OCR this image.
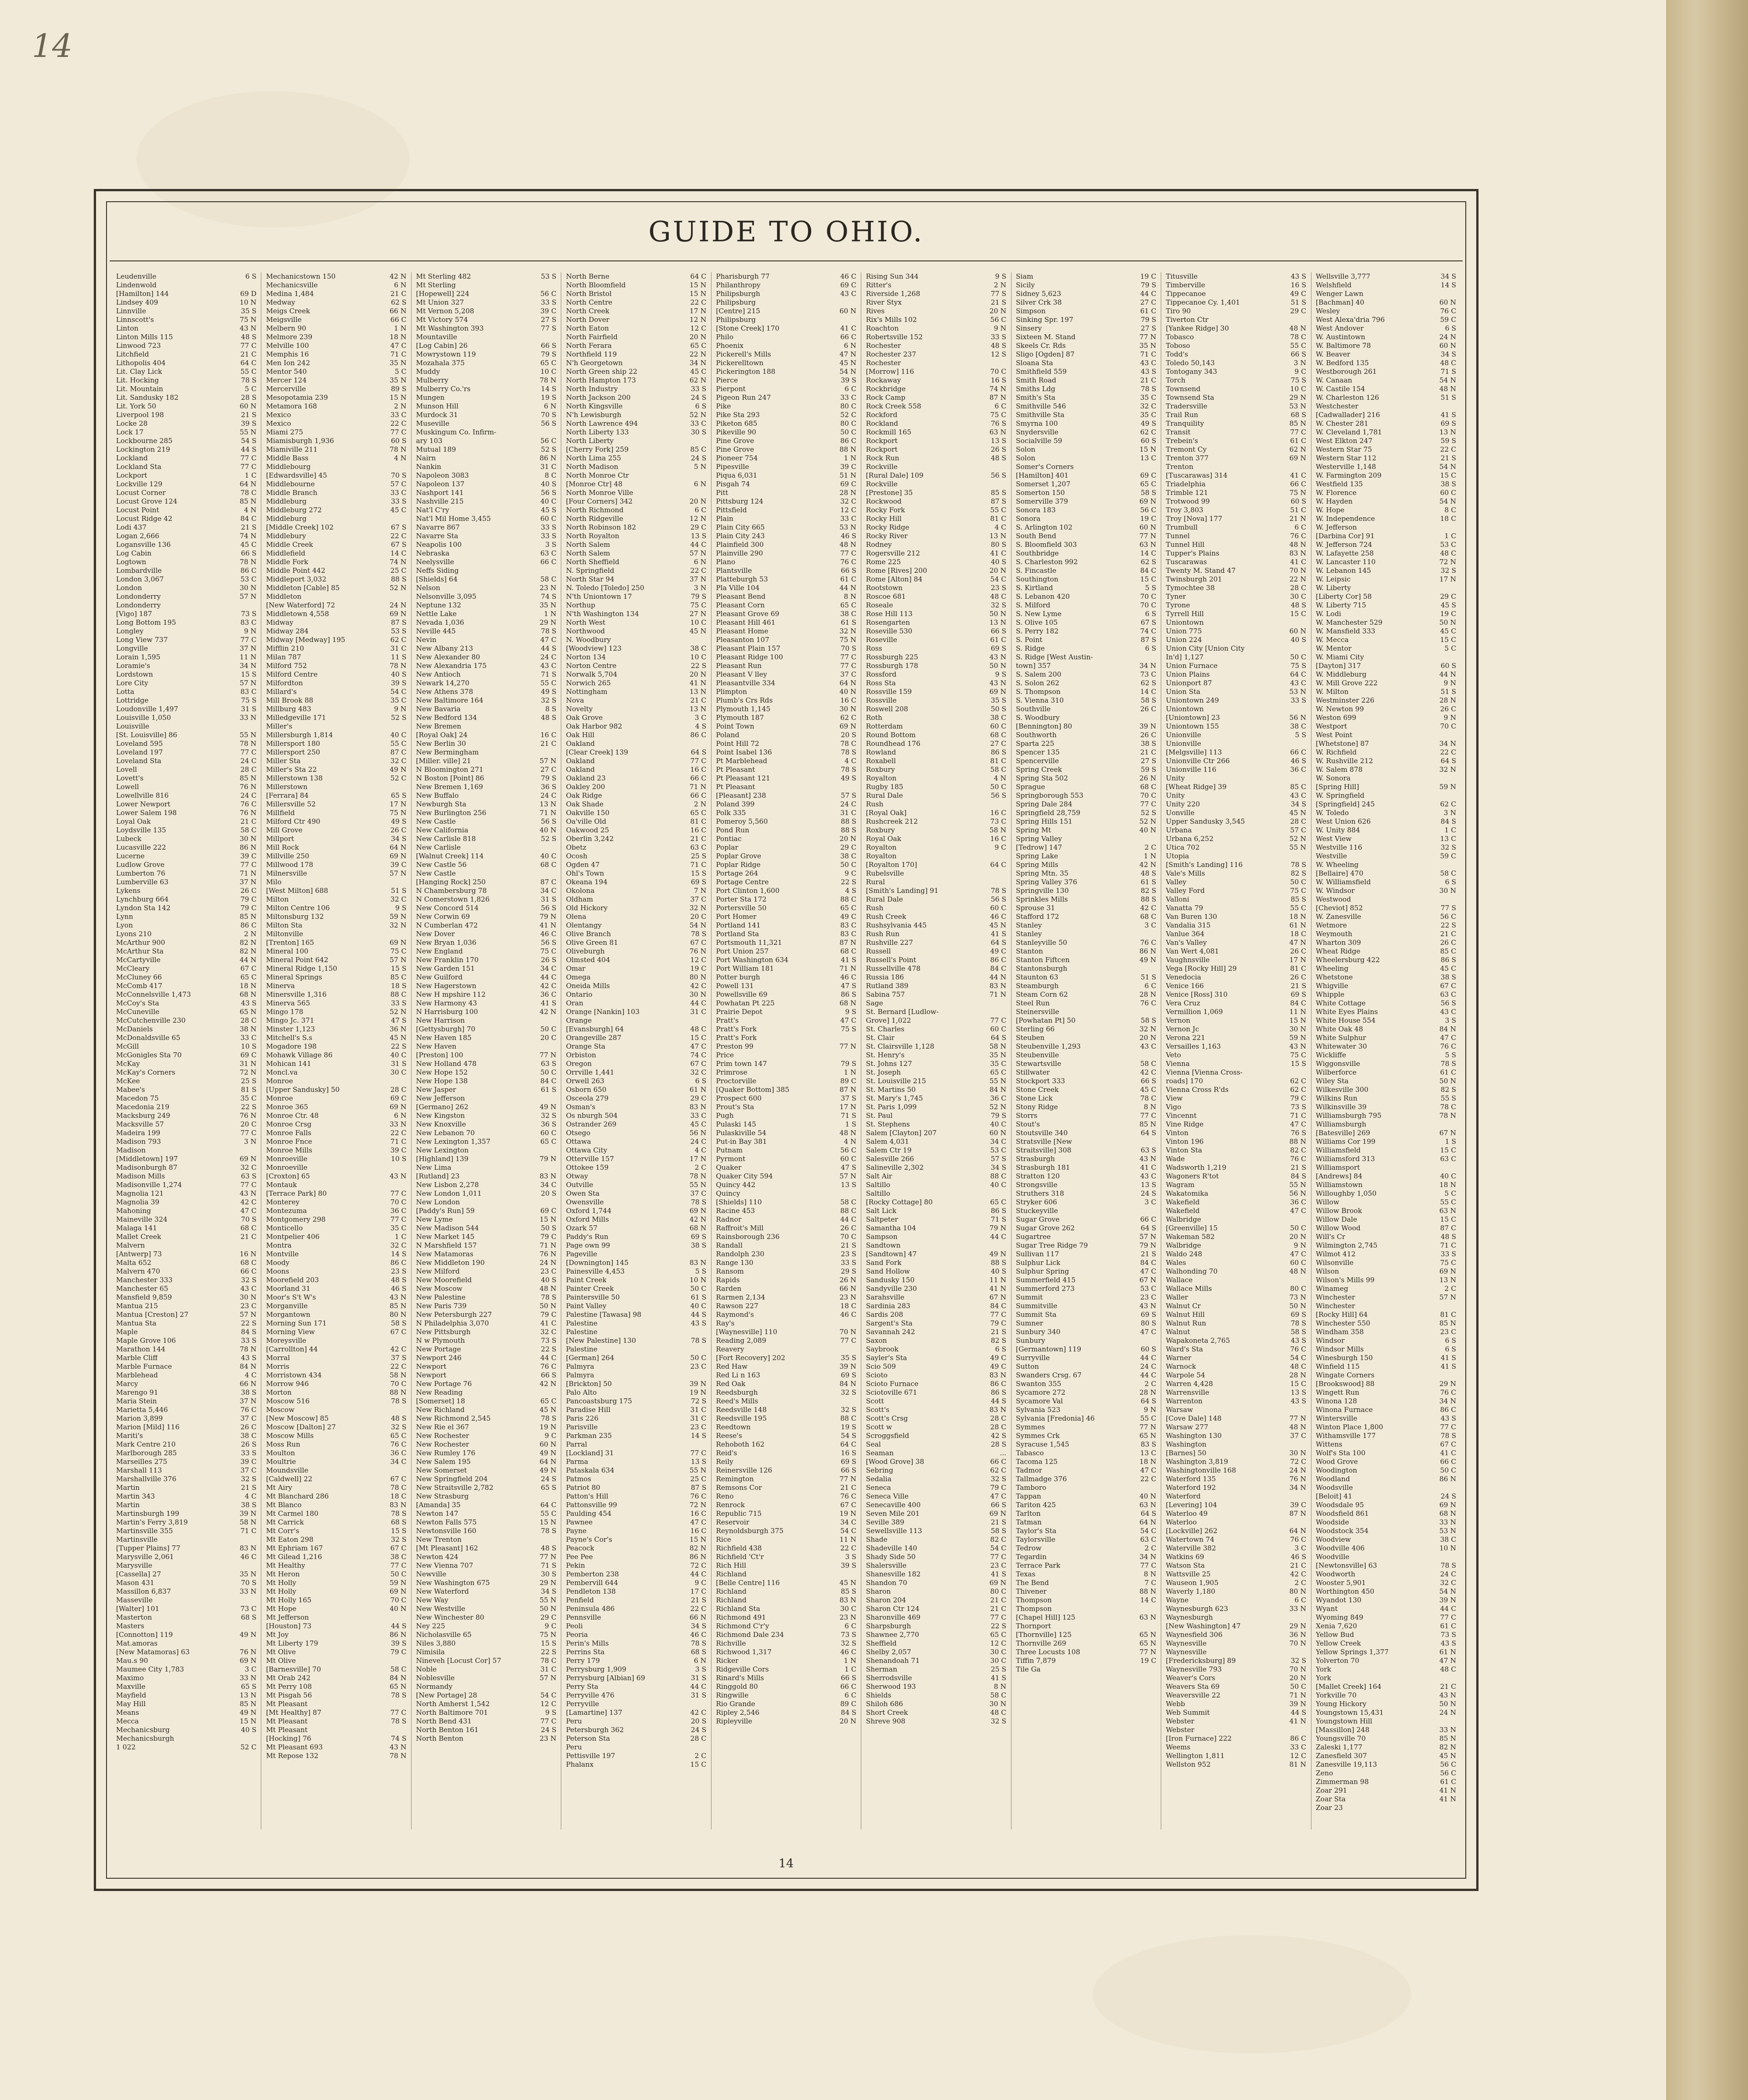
14
GUIDE TO OHIO.
Leudenville	6 S
Lindenwold
[Hamilton] 144	69 D
Lindsey 409	10 N
Linnville	35 S
Linnscott's	75 N
Linton	43 N
Linton Mills 115	48 S
Linwood 723	77 C
Litchfield	21 C
Lithopolis 404	64 C
Lit. Clay Lick	55 C
Lit. Hocking	78 S
Lit. Mountain	5 C
Lit. Sandusky 182	28 S
Lit. York 50	60 N
Liverpool 198	21 S
Locke 28	39 S
Lock 17	55 N
Lockbourne 285	54 S
Lockington 219	44 S
Lockland	77 C
Lockland Sta	77 C
Lockport	1 C
Lockville 129	64 N
Locust Corner	78 C
Locust Grove 124	85 N
Locust Point	4 N
Locust Ridge 42	84 C
Lodi 437	21 S
Logan 2,666	74 N
Logansville 136	45 C
Log Cabin	66 S
Logtown	78 N
Lombardville	86 C
London 3,067	53 C
London	30 N
Londonderry	57 N
Londonderry
[Vigo] 187	73 S
Long Bottom 195	83 C
Longley	9 N
Long View 737	77 C
Longville	37 N
Lorain 1,595	11 N
Loramie's	34 N
Lordstown	15 S
Lore City	57 N
Lotta	83 C
Lottridge	75 S
Loudonville 1,497	31 S
Louisville 1,050	33 N
Louisville
[St. Louisville] 86	55 N
Loveland 595	78 N
Loveland 197	77 C
Loveland Sta	24 C
Lovell	28 C
Lovett's	85 N
Lowell	76 N
Lowellville 816	24 C
Lower Newport	76 C
Lower Salem 198	76 N
Loyal Oak	21 C
Loydsville 135	58 C
Lubeck	30 N
Lucasville 222	86 N
Lucerne	39 C
Ludlow Grove	77 C
Lumberton 76	71 N
Lumberville 63	37 N
Lykens	26 C
Lynchburg 664	79 C
Lyndon Sta 142	79 C
Lynn	85 N
Lyon	86 C
Lyons 210	2 N
McArthur 900	82 N
McArthur Sta	82 N
McCartyville	44 N
McCleary	67 C
McCluney 66	65 C
McComb 417	18 N
McConnelsville 1,473	68 N
McCoy's Sta	43 S
McCuneville	65 N
McCutchenville 230	28 C
McDaniels	38 N
McDonaldsville 65	33 C
McGill	10 S
McGonigles Sta 70	69 C
McKay	31 N
McKay's Corners	72 N
McKee	25 S
Mabee's	81 S
Macedon 75	35 C
Macedonia 219	22 S
Macksburg 249	76 N
Macksville 57	20 C
Madeira 199	77 C
Madison 793	3 N
Madison
[Middletown] 197	69 N
Madisonburgh 87	32 C
Madison Mills	63 S
Madisonville 1,274	77 C
Magnolia 121	43 N
Magnolia 39	42 C
Mahoning	47 C
Maineville 324	70 S
Malaga 141	68 C
Mallet Creek	21 C
Malvern
[Antwerp] 73	16 N
Malta 652	68 C
Malvern 470	66 C
Manchester 333	32 S
Manchester 65	43 C
Mansfield 9,859	30 N
Mantua 215	23 C
Mantua [Creston] 27	57 N
Mantua Sta	22 S
Maple	84 S
Maple Grove 106	33 S
Marathon 144	78 N
Marble Cliff	43 S
Marble Furnace	84 N
Marblehead	4 C
Marcy	66 N
Marengo 91	38 S
Maria Stein	37 N
Marietta 5,446	76 C
Marion 3,899	37 C
Marion [Mild] 116	26 C
Mariti's	38 C
Mark Centre 210	26 S
Marlborough 285	33 S
Marseilles 275	39 C
Marshall 113	37 C
Marshallville 376	32 S
Martin	21 S
Martin 343	4 C
Martin	38 S
Martinsburgh 199	39 N
Martin's Ferry 3,819	58 N
Martinsville 355	71 C
Martinsville
[Tupper Plains] 77	83 N
Marysville 2,061	46 C
Marysville
[Cassella] 27	35 N
Mason 431	70 S
Massillon 6,837	33 N
Masseville
[Walter] 101	73 C
Masterton	68 S
Masters
[Connotton] 119	49 N
Mat.amoras
[New Matamoras] 63	76 N
Mau.s 90	69 N
Maumee City 1,783	3 C
Maximo	33 N
Maxville	65 S
Mayfield	13 N
May Hill	85 N
Means	49 N
Mecca	15 N
Mechanicsburg	40 S
Mechanicsburgh
1 022	52 C
Mechanicstown 150	42 N
Mechanicsville	6 N
Medina 1,484	21 C
Medway	62 S
Meigs Creek	66 N
Meigsville	66 C
Melbern 90	1 N
Melmore 239	18 N
Melville 100	47 C
Memphis 16	71 C
Men Ion 242	35 N
Mentor 540	5 C
Mercer 124	35 N
Mercerville	89 S
Mesopotamia 239	15 N
Metamora 168	2 N
Mexico	33 C
Mexico	22 C
Miami 275	77 C
Miamisburgh 1,936	60 S
Miamiville 211	78 N
Middle Bass	4 N
Middlebourg
[Edwardsville] 45	70 S
Middlebourne	57 C
Middle Branch	33 C
Middleburg	33 S
Middleburg 272	45 C
Middleburg
[Middle Creek] 102	67 S
Middlebury	22 C
Middle Creek	67 S
Middlefield	14 C
Middle Fork	74 N
Middle Point 442	25 C
Middleport 3,032	88 S
Middleton [Cable] 85	52 N
Middleton
[New Waterford] 72	24 N
Middletown 4,558	69 N
Midway	87 S
Midway 284	53 S
Midway [Medway] 195	62 C
Mifflin 210	31 C
Milan 787	11 S
Milford 752	78 N
Milford Centre	40 S
Milfordton	39 S
Millard's	54 C
Mill Brook 88	35 C
Millburg 483	9 N
Milledgeville 171	52 S
Miller's
Millersburgh 1,814	40 C
Millersport 180	55 C
Millersport 250	87 C
Miller Sta	32 C
Miller's Sta 22	49 N
Millerstown 138	52 C
Millerstown
[Ferrara] 84	65 S
Millersville 52	17 N
Millfield	75 N
Milford Ctr 490	49 S
Mill Grove	26 C
Millport	34 S
Mill Rock	64 N
Millville 250	69 N
Millwood 178	39 C
Milnersville	57 N
Milo
[West Milton] 688	51 S
Milton	32 C
Milton Centre 106	9 S
Miltonsburg 132	59 N
Milton Sta	32 N
Miltonville
[Trenton] 165	69 N
Mineral 100	75 C
Mineral Point 642	57 N
Mineral Ridge 1,150	15 S
Mineral Springs	85 C
Minerva	18 S
Minersville 1,316	88 C
Minerva 565	33 S
Mingo 178	52 N
Mingo Jc. 371	47 S
Minster 1,123	36 N
Mitchell's S.s	45 N
Mogadore 198	22 S
Mohawk Village 86	40 C
Mohican 141	31 S
Moncl.va	30 C
Monroe
[Upper Sandusky] 50	28 C
Monroe	69 C
Monroe 365	69 N
Monroe Ctr. 48	6 N
Monroe Crsg	33 N
Monroe Falls	22 C
Monroe Fnce	71 C
Monroe Mills	39 C
Monroeville	10 S
Monroeville
[Croxton] 65	43 N
Montauk
[Terrace Park] 80	77 C
Monterey	70 C
Montezuma	36 C
Montgomery 298	77 C
Monticello	35 C
Montpelier 406	1 C
Montra	32 C
Montville	14 S
Moody	86 C
Moons	23 S
Moorefield 203	48 S
Moorland 31	46 S
Moor's S't W's	43 N
Morganville	85 N
Morgantown	80 N
Morning Sun 171	58 S
Morning View	67 C
Moreysville
[Carrollton] 44	42 C
Morral	37 S
Morris	22 C
Morristown 434	58 N
Morrow 946	70 C
Morton	88 N
Moscow 516	78 S
Moscow
[New Moscow] 85	48 S
Moscow [Dalton] 27	32 S
Moscow Mills	65 C
Moss Run	76 C
Moulton	36 C
Moultrie	34 C
Moundsville
[Caldwell] 22	67 C
Mt Airy	78 C
Mt Blanchard 286	18 C
Mt Blanco	83 N
Mt Carmel 180	78 S
Mt Carrick	68 S
Mt Corr's	15 S
Mt Eaton 298	32 S
Mt Ephriam 167	67 C
Mt Gilead 1,216	38 C
Mt Healthy	77 C
Mt Heron	50 C
Mt Holly	59 N
Mt Holly	69 N
Mt Holly 165	70 C
Mt Hope	40 N
Mt Jefferson
[Houston] 73	44 S
Mt Joy	86 N
Mt Liberty 179	39 S
Mt Olive	79 C
Mt Olive
[Barnesville] 70	58 C
Mt Orab 242	84 N
Mt Perry 108	65 N
Mt Pisgah 56	78 S
Mt Pleasant
[Mt Healthy] 87	77 C
Mt Pleasant	78 S
Mt Pleasant
[Hocking] 76	74 S
Mt Pleasant 693	43 N
Mt Repose 132	78 N
Mt Sterling 482	53 S
Mt Sterling
[Hopewell] 224	56 C
Mt Union 327	33 S
Mt Vernon 5,208	39 C
Mt Victory 574	27 S
Mt Washington 393	77 S
Mountaville
[Log Cabin] 26	66 S
Mowrystown 119	79 S
Mozahala 375	65 C
Muddy	10 C
Mulberry	78 N
Mulberry Co.'rs	14 S
Mungen	19 S
Munson Hill	6 N
Murdock 31	70 S
Museville	56 S
Muskingum Co. Infirm-
ary 103	56 C
Mutual 189	52 S
Nairn	86 N
Nankin	31 C
Napoleon 3083	8 C
Napoleon 137	40 S
Nashport 141	56 S
Nashville 215	40 C
Nat'l C'ry	45 S
Nat'l Mil Home 3,455	60 C
Navarre 867	33 S
Navarre Sta	33 S
Neapolis 100	3 S
Nebraska	63 C
Neelysville	66 C
Neffs Siding
[Shields] 64	58 C
Nelson	23 N
Nelsonville 3,095	74 S
Neptune 132	35 N
Nettle Lake	1 N
Nevada 1,036	29 N
Neville 445	78 S
Nevin	47 C
New Albany 213	44 S
New Alexander 80	24 C
New Alexandria 175	43 C
New Antioch	71 S
Newark 14,270	55 C
New Athens 378	49 S
New Baltimore 164	32 S
New Bavaria	8 S
New Bedford 134	48 S
New Bremen
[Royal Oak] 24	16 C
New Berlin 30	21 C
New Bermingham
[Miller. ville] 21	57 N
N Bloomington 271	27 C
N Boston [Point] 86	79 S
New Bremen 1,169	36 S
New Buffalo	24 C
Newburgh Sta	13 N
New Burlington 256	71 N
New Castle	56 S
New California	40 N
New Carlisle 818	52 S
New Carlisle
[Walnut Creek] 114	40 C
New Castle 56	68 C
New Castle
[Hanging Rock] 250	87 C
N Chambersburg 78	34 C
N Comerstown 1,826	31 S
New Concord 514	56 S
New Corwin 69	79 N
N Cumberlan 472	41 N
New Dover	46 C
New Bryan 1,036	56 S
New England	75 C
New Franklin 170	26 S
New Garden 151	34 C
New Guilford	44 C
New Hagerstown	42 C
New H mpshire 112	36 C
New Harmony 43	41 S
N Harrisburg 100	42 N
New Harrison
[Gettysburgh] 70	50 C
New Haven 185	20 C
New Haven
[Preston] 100	77 N
New Holland 478	63 S
New Hope 152	50 C
New Hope 138	84 C
New Jasper	61 S
New Jefferson
[Germano] 262	49 N
New Kingston	32 S
New Knoxville	36 S
New Lebanon 70	60 C
New Lexington 1,357	65 C
New Lexington
[Highland] 139	79 N
New Lima
[Rutland] 23	83 N
New Lisbon 2,278	34 C
New London 1,011	20 S
New London
[Paddy's Run] 59	69 C
New Lyme	15 N
New Madison 544	50 S
New Market 145	79 C
N Marshfield 157	71 N
New Matamoras	76 N
New Middleton 190	24 N
New Milford	23 C
New Moorefield	40 S
New Moscow	48 N
New Palestine	78 S
New Paris 739	50 N
New Petersburgh 227	79 C
N Philadelphia 3,070	41 C
New Pittsburgh	32 C
N w Plymouth	73 S
New Portage	22 S
Newport 246	44 C
Newport	76 C
Newport	66 S
New Portage 76	42 N
New Reading
[Somerset] 18	65 C
New Richland	45 N
New Richmond 2,545	78 S
New Rie el 367	19 N
New Rochester	9 C
New Rochester	60 N
New Rumley 176	49 N
New Salem 195	64 N
New Somerset	49 N
New Springfield 204	24 S
New Straitsville 2,782	65 S
New Strasburg
[Amanda] 35	64 C
Newton 147	55 C
Newton Falls 575	15 N
Newtonsville 160	78 S
New Trenton
[Mt Pleasant] 162	48 S
Newton 424	77 N
New Vienna 707	71 S
Newville	30 S
New Washington 675	29 N
New Waterford	34 S
New Way	55 N
New Westville	50 N
New Winchester 80	29 C
Ney 225	9 C
Nicholasville 65	75 N
Niles 3,880	15 S
Nimisila	22 S
Nineveh [Locust Cor] 57	78 C
Noble	31 C
Noblesville	57 N
Normandy
[New Portage] 28	54 C
North Amherst 1,542	12 C
North Baltimore 701	9 S
North Bend 431	77 C
North Benton 161	24 S
North Benton	23 N
North Berne	64 C
North Bloomfield	15 N
North Bristol	15 N
North Centre	22 C
North Creek	17 N
North Dover	12 N
North Eaton	12 C
North Fairfield	20 N
North Ferara	65 C
Northfield 119	22 N
N'h Georgetown	34 N
North Green ship 22	45 C
North Hampton 173	62 N
North Industry	33 S
North Jackson 200	24 S
North Kingsville	6 S
N'h Lewisburgh	52 N
North Lawrence 494	33 C
North Liberty 133	30 S
North Liberty
[Cherry Fork] 259	85 C
North Lima 255	24 S
North Madison	5 N
North Monroe Ctr
[Monroe Ctr] 48	6 N
North Monroe Ville
[Four Corners] 342	20 N
North Richmond	6 C
North Ridgeville	12 N
North Robinson 182	29 C
North Royalton	13 S
North Salem	44 C
North Salem	57 N
North Sheffield	6 N
N. Springfield	22 C
North Star 94	37 N
N. Toledo [Toledo] 250	3 N
N'th Uniontown 17	79 S
Northup	75 C
N'th Washington 134	27 N
North West	10 C
Northwood	45 N
N. Woodbury
[Woodview] 123	38 C
Norton 134	10 C
Norton Centre	22 S
Norwalk 5,704	20 N
Norwich 265	41 N
Nottingham	13 N
Nova	21 C
Novelty	13 N
Oak Grove	3 C
Oak Harbor 982	4 S
Oak Hill	86 C
Oakland
[Clear Creek] 139	64 S
Oakland	77 C
Oakland	16 C
Oakland 23	66 C
Oakley 200	71 N
Oak Ridge	66 C
Oak Shade	2 N
Oakville 150	65 C
Oa'ville Old	81 C
Oakwood 25	16 C
Oberlin 3,242	21 C
Obetz	63 C
Ocosh	25 S
Ogden 47	71 C
Ohl's Town	15 S
Okeana 194	69 S
Okolona	7 N
Oldham	37 C
Old Hickory	32 N
Olena	20 C
Olentangy	54 N
Olive Branch	78 S
Olive Green 81	67 C
Oliveburgh	76 N
Olmsted 404	12 C
Omar	19 C
Omega	80 N
Oneida Mills	42 C
Ontario	30 N
Oran	44 C
Orange [Nankin] 103	31 C
Orange
[Evansburgh] 64	48 C
Orangeville 287	15 C
Orange Sta	47 C
Orbiston	74 C
Oregon	67 C
Orrville 1,441	32 C
Orwell 263	6 S
Osborn 650	61 N
Osceola 279	29 C
Osman's	83 N
Os nburgh 504	33 C
Ostrander 269	45 C
Otsego	56 N
Ottawa	24 C
Ottawa City	4 C
Otterville 157	17 N
Ottokee 159	2 C
Otway	78 N
Outville	55 N
Owen Sta	37 C
Owensville	78 S
Oxford 1,744	69 N
Oxford Mills	42 N
Ozark 57	68 N
Paddy's Run	69 S
Page own 99	38 S
Pageville
[Downington] 145	83 N
Painesville 4,453	5 S
Paint Creek	10 N
Painter Creek	50 C
Paintersville 50	61 S
Paint Valley	40 C
Palestine [Tawasa] 98	44 S
Palestine	43 S
Palestine
[New Palestine] 130	78 S
Palestine
[German] 264	50 C
Palmyra	23 C
Palmyra
[Brickton] 50	39 N
Palo Alto	19 N
Pancoastsburg 175	72 S
Paradise Hill	31 C
Paris 226	31 C
Parisville	23 C
Parkman 235	14 S
Parral
[Lockland] 31	77 C
Parma	13 S
Pataskala 634	55 N
Patmos	25 C
Patriot 80	87 S
Patton's Hill	76 C
Pattonsville 99	72 N
Paulding 454	16 C
Pawnee	47 C
Payne	16 C
Payne's Cor's	15 N
Peacock	82 N
Pee Pee	86 N
Pekin	72 C
Pemberton 238	44 C
Pembervill 644	9 C
Pendleton 138	17 C
Penfield	21 S
Peninsula 486	22 C
Pennsville	66 N
Peoli	34 S
Peoria	46 C
Perin's Mills	78 S
Perrins Sta	68 S
Perry 179	6 N
Perrysburg 1,909	3 S
Perrysburg [Albian] 69	31 S
Perry Sta	44 C
Perryville 476	31 S
Perryville
[Lamartine] 137	42 C
Peru	20 S
Petersburgh 362	24 S
Peterson Sta	28 C
Peru
Pettisville 197	2 C
Phalanx	15 C
Pharisburgh 77	46 C
Philanthropy	69 C
Philipsburgh	43 C
Philipsburg
[Centre] 215	60 N
Philipsburg
[Stone Creek] 170	41 C
Philo	66 C
Phoenix	6 N
Pickerell's Mills	47 N
Pickerelltown	45 N
Pickerington 188	54 N
Pierce	39 S
Pierpont	6 C
Pigeon Run 247	33 C
Pike	80 C
Pike Sta 293	52 C
Piketon 685	80 C
Pikeville 90	50 C
Pine Grove	86 C
Pine Grove	88 N
Pioneer 754	1 N
Pipesville	39 C
Piqua 6,031	51 N
Pisgah 74	69 C
Pitt	28 N
Pittsburg 124	32 C
Pittsfield	12 C
Plain	33 C
Plain City 665	53 N
Plain City 243	46 S
Plainfield 300	48 N
Plainville 290	77 C
Plano	76 C
Plantsville	66 S
Platteburgh 53	61 C
Pla Ville 104	44 N
Pleasant Bend	8 N
Pleasant Corn	65 C
Pleasant Grove 69	38 C
Pleasant Hill 461	61 S
Pleasant Home	32 N
Pleasanton 107	75 N
Pleasant Plain 157	70 S
Pleasant Ridge 100	77 C
Pleasant Run	77 C
Pleasant V lley	37 C
Pleasantville 334	64 N
Plimpton	40 N
Plumb's Crs Rds	16 C
Plymouth 1,145	30 N
Plymouth 187	62 C
Point Town	69 N
Poland	20 S
Point Hill 72	78 C
Point Isabel 136	78 S
Pt Marblehead	4 C
Pt Pleasant	78 S
Pt Pleasant 121	49 S
Pt Pleasant
[Pleasant] 238	57 S
Poland 399	24 C
Polk 335	31 C
Pomeroy 5,560	88 S
Pond Run	88 S
Pontiac	20 N
Poplar	29 C
Poplar Grove	38 C
Poplar Ridge	50 C
Portage 264	9 C
Portage Centre	22 S
Port Clinton 1,600	4 S
Porter Sta 172	88 C
Portersville 50	65 C
Port Homer	49 C
Portland 141	83 C
Portland Sta	83 C
Portsmouth 11,321	87 N
Port Union 257	68 C
Port Washington 634	41 S
Port William 181	71 N
Potter burgh	46 C
Powell 131	47 S
Powellsville 69	86 S
Powhatan Pt 225	68 N
Prairie Depot	9 S
Pratt's	47 C
Pratt's Fork	75 S
Pratt's Fork
Preston 99	77 N
Price
Prim town 147	79 S
Primrose	1 N
Proctorville	89 C
[Quaker Bottom] 385	87 N
Prospect 600	37 S
Prout's Sta	17 N
Pugh	71 S
Pulaski 145	1 S
Pulaskiville 54	48 N
Put-in Bay 381	4 N
Putnam	56 C
Pyrmont	60 C
Quaker	47 S
Quaker City 594	57 N
Quincy 442	13 S
Quincy
[Shields] 110	58 C
Racine 453	88 C
Radnor	44 C
Raffroit's Mill	26 C
Rainsborough 236	70 C
Randall	21 S
Randolph 230	23 S
Range 130	33 S
Ransom	29 S
Rapids	26 N
Rarden	66 N
Rarmen 2,134	23 N
Rawson 227	18 C
Raymond's	46 C
Ray's
[Waynesville] 110	70 N
Reading 2,089	77 C
Reavery
[Fort Recovery] 202	35 S
Red Haw	39 N
Red Li n 163	69 S
Red Oak	84 N
Reedsburgh	32 S
Reed's Mills
Reedsville 148	32 S
Reedsville 195	88 C
Reedtown	19 S
Reese's	54 S
Rehoboth 162	64 C
Reid's	16 S
Reily	69 S
Reinersville 126	66 S
Remington	77 N
Remsons Cor	21 C
Reno	76 C
Renrock	67 C
Republic 715	19 N
Reservoir	34 C
Reynoldsburgh 375	54 C
Rice	11 N
Richfield 438	22 C
Richfield 'Ct'r	3 S
Rich Hill	39 S
Richland
[Belle Centre] 116	45 N
Richland	85 S
Richland	83 N
Richland Sta	30 C
Richmond 491	23 N
Richmond C'r'y	6 C
Richmond Dale 234	73 S
Richville	32 S
Richwood 1,317	46 C
Ricker	1 N
Ridgeville Cors	1 C
Rinard's Mills	66 S
Ringgold 80	66 C
Ringwille	6 C
Rio Grande	89 C
Ripley 2,546	84 S
Ripleyville	20 N
Rising Sun 344	9 S
Ritter's	2 N
Riverside 1,268	77 S
River Styx	21 S
Rives	20 N
Rix's Mills 102	56 C
Roachton	9 N
Robertsville 152	33 S
Rochester	48 S
Rochester 237	12 S
Rochester
[Morrow] 116	70 C
Rockaway	16 S
Rockbridge	74 N
Rock Camp	87 N
Rock Creek 558	6 C
Rockford	75 C
Rockland	76 S
Rockmill 165	63 N
Rockport	13 S
Rockport	26 S
Rock Run	48 S
Rockville
[Rural Dale] 109	56 S
Rockville
[Prestone] 35	85 S
Rockwood	87 S
Rocky Fork	55 C
Rocky Hill	81 C
Rocky Ridge	4 C
Rocky River	13 N
Rodney	80 S
Rogersville 212	41 C
Rome 225	40 S
Rome [Rives] 200	20 N
Rome [Alton] 84	54 C
Rootstown	23 S
Roscoe 681	48 C
Roseale	32 S
Rose Hill 113	50 N
Rosengarten	13 N
Roseville 530	66 S
Roseville	61 C
Ross	69 S
Rossburgh 225	43 N
Rossburgh 178	50 N
Rossford	9 S
Ross Sta	43 N
Rossville 159	69 N
Rossville	35 S
Roswell 208	50 S
Roth	38 C
Rotterdam	60 C
Round Bottom	68 C
Roundhead 176	27 C
Rowland	86 S
Roxabell	81 C
Roxbury	58 C
Royalton	4 N
Rugby 185	50 C
Rural Dale	56 S
Rush
[Royal Oak]	16 C
Rushcreek 212	73 C
Roxbury	58 N
Royal Oak	16 C
Royalton	9 C
Royalton
[Royalton 170]	64 C
Rubelsville
Rural
[Smith's Landing] 91	78 S
Rural Dale	56 S
Rush	60 C
Rush Creek	46 C
Rushsylvania 445	45 N
Rush Run	41 S
Rushville 227	64 S
Russell	49 C
Russell's Point	86 C
Russellville 478	84 C
Russia 186	44 N
Rutland 389	83 N
Sabina 757	71 N
Sage
St. Bernard [Ludlow-
Grove] 1,022	77 C
St. Charles	60 C
St. Clair	64 S
St. Clairsville 1,128	58 N
St. Henry's	35 N
St. Johns 127	35 C
St. Joseph	65 C
St. Louisville 215	55 N
St. Martins 50	84 N
St. Mary's 1,745	36 C
St. Paris 1,099	52 N
St. Paul	79 S
St. Stephens	40 C
Salem [Clayton] 207	60 N
Salem 4,031	34 C
Salem Ctr 19	53 C
Salesville 266	57 S
Salineville 2,302	34 S
Salt Air	88 C
Saltillo	40 C
Saltillo
[Rocky Cottage] 80	65 C
Salt Lick	86 S
Saltpeter	71 S
Samantha 104	79 N
Sampson	44 C
Sandtown
[Sandtown] 47	49 N
Sand Fork	88 S
Sand Hollow	40 S
Sandusky 150	11 N
Sandyville 230	41 N
Sarahsville	67 N
Sardinia 283	84 C
Sardis 208	77 C
Sargent's Sta	79 C
Savannah 242	21 S
Saxon	82 S
Saybrook	6 S
Sayler's Sta	49 C
Scio 509	49 C
Scioto	83 N
Scioto Furnace	86 C
Sciotoville 671	86 S
Scott	44 S
Scott's	83 N
Scott's Crsg	28 C
Scott w	28 C
Scroggsfield	42 S
Seal	28 S
Seaman	...
[Wood Grove] 38	66 C
Sebring	62 C
Sedalia	32 S
Seneca	79 C
Seneca Ville	47 C
Senecaville 400	66 S
Seven Mile 201	69 N
Seville 389	21 S
Sewellsville 113	58 S
Shade	82 C
Shadeville 140	54 C
Shady Side 50	77 C
Shalersville	23 C
Shanesville 182	41 S
Shandon 70	69 N
Sharon	80 C
Sharon 204	21 C
Sharon Ctr 124	21 C
Sharonville 469	77 C
Sharpsburgh	22 S
Shawnee 2,770	65 C
Sheffield	12 C
Shelby 2,057	30 C
Shenandoah 71	30 C
Sherman	25 S
Sherrodsville	41 S
Sherwood 193	8 N
Shields	58 C
Shiloh 686	30 N
Short Creek	48 C
Shreve 908	32 S
Siam	19 C
Sicily	79 S
Sidney 5,623	44 C
Silver Crk 38	27 C
Simpson	61 C
Sinking Spr. 197	79 S
Sinsery	27 S
Sixteen M. Stand	77 N
Skeels Cr. Rds	35 N
Sligo [Ogden] 87	71 C
Sloana Sta	43 C
Smithfield 559	43 S
Smith Road	21 C
Smiths Ldg	78 S
Smith's Sta	35 C
Smithville 546	32 C
Smithville Sta	35 C
Smyrna 100	49 S
Snydersville	62 C
Socialville 59	60 S
Solon	15 N
Solon	13 C
Somer's Corners
[Hamilton] 401	69 C
Somerset 1,207	65 C
Somerton 150	58 S
Somerville 379	69 N
Sonora 183	56 C
Sonora	19 C
S. Arlington 102	60 N
South Bend	77 N
S. Bloomfield 303	63 N
Southbridge	14 C
S. Charleston 992	62 S
S. Fincastle	84 C
Southington	15 C
S. Kirtland	5 S
S. Lebanon 420	70 C
S. Milford	70 C
S. New Lyme	6 S
S. Olive 105	67 S
S. Perry 182	74 C
S. Point	87 S
S. Ridge	6 S
S. Ridge [West Austin-
town] 357	34 N
S. Salem 200	73 C
S. Solon 262	62 S
S. Thompson	14 C
S. Vienna 310	58 S
Southville	26 C
S. Woodbury
[Bennington] 80	39 N
Southworth	26 C
Sparta 225	38 S
Spencer 135	21 C
Spencerville	27 S
Spring Creek	59 S
Spring Sta 502	26 N
Sprague	68 C
Springborough 553	70 C
Spring Dale 284	77 C
Springfield 28,759	52 S
Spring Hills 151	52 N
Spring Mt	40 N
Spring Valley
[Tedrow] 147	2 C
Spring Lake	1 N
Spring Mills	42 N
Spring Mtn. 35	48 S
Spring Valley 376	61 S
Springville 130	82 S
Sprinkles Mills	88 S
Sprouse 31	42 C
Stafford 172	68 C
Stanley	3 C
Stanley
Stanleyville 50	76 C
Stanton	86 N
Stanton Fiftcen	49 N
Stantonsburgh
Staunton 63	51 S
Steamburgh	6 C
Steam Corn 62	28 N
Steel Run	76 C
Steinersville
[Powhatan Pt] 50	58 S
Sterling 66	32 N
Steuben	20 N
Steubenville 1,293	43 C
Steubenville
Stewartsville	58 C
Stillwater	42 C
Stockport 333	66 S
Stone Creek	45 C
Stone Lick	78 C
Stony Ridge	8 N
Storrs	77 C
Stout's	85 N
Stoutsville 340	64 S
Stratsville [New
Straitsville] 308	63 S
Strasburgh	43 N
Strasburgh 181	41 C
Stratton 120	43 C
Strongsville	13 S
Struthers 318	24 S
Stryker 606	3 C
Stuckeyville
Sugar Grove	66 C
Sugar Grove 262	64 S
Sugartree	57 N
Sugar Tree Ridge 79	79 N
Sullivan 117	21 S
Sulphur Lick	84 C
Sulphur Spring	47 C
Summerfield 415	67 N
Summerford 273	53 C
Summit	23 C
Summitville	43 N
Summit Sta	69 S
Sumner	80 S
Sunbury 340	47 C
Sunbury
[Germantown] 119	60 S
Surryville	44 C
Sutton	24 C
Swanders Crsg. 67	44 C
Swanton 355	2 C
Sycamore 272	28 N
Sycamore Val	64 S
Sylvania 523	9 N
Sylvania [Fredonia] 46	55 C
Symmes	77 N
Symmes Crk	65 N
Syracuse 1,545	83 S
Tabasco	13 C
Tacoma 125	18 N
Tadmor	47 C
Tallmadge 376	22 C
Tamboro
Tappan	40 N
Tariton 425	63 N
Tarlton	64 S
Tatman	64 N
Taylor's Sta	54 C
Taylorsville	63 C
Tedrow	2 C
Tegardin	34 N
Terrace Park	77 C
Texas	8 N
The Bend	7 C
Thivener	88 N
Thompson	14 C
Thompson
[Chapel Hill] 125	63 N
Thornport
[Thornville] 125	65 N
Thornville 269	65 N
Three Locusts 108	77 N
Tiffin 7,879	19 C
Tile Ga
Titusville	43 S
Timberville	16 S
Tippecanoe	49 C
Tippecanoe Cy. 1,401	51 S
Tiro 90	29 C
Tiverton Ctr
[Yankee Ridge] 30	48 N
Tobasco	78 C
Toboso	55 C
Todd's	66 S
Toledo 50,143	3 N
Tontogany 343	9 C
Torch	75 S
Townsend	10 C
Townsend Sta	29 N
Tradersville	53 N
Trail Run	68 S
Tranquility	85 N
Transit	77 C
Trebein's	61 C
Tremont Cy	62 N
Trenton 377	69 N
Trenton
[Tuscarawas] 314	41 C
Triadelphia	66 C
Trimble 121	75 N
Trotwood 99	60 S
Troy 3,803	51 C
Troy [Nova] 177	21 N
Trumbull	6 C
Tunnel	76 C
Tunnel Hill	48 N
Tupper's Plains	83 N
Tuscarawas	41 C
Twenty M. Stand 47	70 N
Twinsburgh 201	22 N
Tymochtee 38	28 C
Tyner	30 C
Tyrone	48 S
Tyrrell Hill	15 C
Uniontown
Union 775	60 N
Union 224	40 S
Union City [Union City
In'd] 1,127	50 C
Union Furnace	75 S
Union Plains	64 C
Unionport 87	43 C
Union Sta	53 N
Uniontown 249	33 S
Uniontown
[Uniontown] 23	56 N
Uniontown 155	38 C
Unionville	5 S
Unionville
[Melgsville] 113	66 C
Unionville Ctr 266	46 S
Unionville 116	36 C
Unity
[Wheat Ridge] 39	85 C
Unity	43 C
Unity 220	34 S
Uonville	45 N
Upper Sandusky 3,545	28 C
Urbana	57 C
Urbana 6,252	52 N
Utica 702	55 N
Utopia
[Smith's Landing] 116	78 S
Vale's Mills	82 S
Valley	50 C
Valley Ford	75 C
Valloni	85 S
Vanatta 79	55 C
Van Buren 130	18 N
Vandalia 315	61 N
Vanlue 364	18 C
Van's Valley	47 N
Van Wert 4,081	26 C
Vaughnsville	17 N
Vega [Rocky Hill] 29	81 C
Venedocia	26 C
Venice 166	21 S
Venice [Ross] 310	69 S
Vera Cruz	84 C
Vermillion 1,069	11 N
Vernon	15 N
Vernon Jc	30 N
Verona 221	59 N
Versailles 1,163	43 N
Veto	75 C
Vienna	15 S
Vienna [Vienna Cross-
roads] 170	62 C
Vienna Cross R'ds	62 C
View	79 C
Vigo	73 S
Vincennt	71 C
Vine Ridge	47 C
Vinton	76 S
Vinton 196	88 N
Vinton Sta	82 C
Wade	76 C
Wadsworth 1,219	21 S
Wagoners R'tot	84 S
Wagram	55 N
Wakatomika	56 N
Wakefield	36 C
Wakefield	47 C
Walbridge
[Greenville] 15	50 C
Wakeman 582	20 N
Walbridge	9 N
Waldo 248	47 C
Wales	60 C
Walhonding 70	48 N
Wallace
Wallace Mills	80 C
Waller	73 N
Walnut Cr	50 N
Walnut Hill	69 S
Walnut Run	78 S
Walnut	58 S
Wapakoneta 2,765	43 S
Ward's Sta	76 C
Warner	54 C
Warnock	48 C
Warpole 54	28 N
Warren 4,428	15 C
Warrensville	13 S
Warrenton	43 S
Warsaw
[Cove Dale] 148	77 N
Warsaw 277	48 N
Washington 130	37 C
Washington
[Barnes] 50	30 N
Washington 3,819	72 C
Washingtonville 168	24 N
Waterford 135	76 N
Waterford 192	34 N
Waterford
[Levering] 104	39 C
Waterloo 49	87 N
Waterloo
[Lockville] 262	64 N
Watertown 74	76 C
Waterville 382	3 C
Watkins 69	46 S
Watson Sta	21 C
Wattsville 25	42 C
Wauseon 1,905	2 C
Waverly 1,180	80 N
Wayne	6 C
Waynesburgh 623	33 N
Waynesburgh
[New Washington] 47	29 N
Waynesfield 306	36 N
Waynesville	70 N
Waynesville
[Fredericksburg] 89	32 S
Waynesville 793	70 N
Weaver's Cors	20 N
Weavers Sta 69	50 C
Weaversville 22	71 N
Webb	39 N
Web Summit	44 S
Webster	41 N
Webster
[Iron Furnace] 222	86 C
Weems	33 C
Wellington 1,811	12 C
Wellston 952	81 N
Wellsville 3,777	34 S
Welshfield	14 S
Wenger Lawn
[Bachman] 40	60 N
Wesley	76 C
West Alexa'dria 796	59 C
West Andover	6 S
W. Austintown	24 N
W. Baltimore 78	60 N
W. Beaver	34 S
W. Bedford 135	48 C
Westborough 261	71 S
W. Canaan	54 N
W. Castile 154	48 N
W. Charleston 126	51 S
Westchester
[Cadwallader] 216	41 S
W. Chester 281	69 S
W. Cleveland 1,781	13 N
West Elkton 247	59 S
Western Star 75	22 C
Western Star 112	21 S
Westerville 1,148	54 N
W. Farmington 209	15 C
Westfield 135	38 S
W. Florence	60 C
W. Hayden	54 N
W. Hope	8 C
W. Independence	18 C
W. Jefferson
[Darbina Cor] 91	1 C
W. Jefferson 724	53 C
W. Lafayette 258	48 C
W. Lancaster 110	72 N
W. Lebanon 145	32 S
W. Leipsic	17 N
W. Liberty
[Liberty Cor] 58	29 C
W. Liberty 715	45 S
W. Lodi	19 C
W. Manchester 529	50 N
W. Mansfield 333	45 C
W. Mecca	15 C
W. Mentor	5 C
W. Miami City
[Dayton] 317	60 S
W. Middleburg	44 N
W. Mill Grove 222	9 N
W. Milton	51 S
Westminster 226	28 N
W. Newton 99	26 C
Weston 699	9 N
Westport	70 C
West Point
[Whetstone] 87	34 N
W. Richfield	22 C
W. Rushville 212	64 S
W. Salem 878	32 N
W. Sonora
[Spring Hill]	59 N
W. Springfield
[Springfield] 245	62 C
W. Toledo	3 N
West Union 626	84 S
W. Unity 884	1 C
West View	13 C
Westville 116	32 S
Westville	59 C
W. Wheeling
[Bellaire] 470	58 C
W. Williamsfield	6 S
W. Windsor	30 N
Westwood
[Cheviot] 852	77 S
W. Zanesville	56 C
Wetmore	22 S
Weymouth	21 C
Wharton 309	26 C
Wheat Ridge	85 C
Wheelersburg 422	86 S
Wheeling	45 C
Whetstone	38 S
Whigville	67 C
Whipple	63 C
White Cottage	56 S
White Eyes Plains	43 C
White House 554	3 S
White Oak 48	84 N
White Sulphur	47 C
Whitewater 30	76 C
Wickliffe	5 S
Wiggonsville	78 S
Wilberforce	61 C
Wiley Sta	50 N
Wilkesville 300	82 S
Wilkins Run	55 S
Wilkinsville 39	78 C
Williamsburgh 795	78 N
Williamsburgh
[Batesville] 269	67 N
Williams Cor 199	1 S
Williamsfield	15 C
Williamsford 313	63 C
Williamsport
[Andrews] 84	40 C
Williamstown	18 N
Willoughby 1,050	5 C
Willow	55 C
Willow Brook	63 N
Willow Dale	15 C
Willow Wood	87 C
Will's Cr	48 S
Wilmington 2,745	71 C
Wilmot 412	33 S
Wilsonville	75 C
Wilson	69 N
Wilson's Mills 99	13 N
Winameg	2 C
Winchester	57 N
Winchester
[Rocky Hill] 64	81 C
Winchester 550	85 N
Windham 358	23 C
Windsor	6 S
Windsor Mills	6 S
Winesburgh 150	41 S
Winfield 115	41 S
Wingate Corners
[Brookswood] 88	29 N
Wingett Run	76 C
Winona 128	34 N
Winona Furnace	86 C
Wintersville	43 S
Winton Place 1,800	77 C
Withamsville 177	78 S
Wittens	67 C
Wolf's Sta 100	41 C
Wood Grove	66 C
Woodington	50 C
Woodland	86 N
Woodsville
[Beloit] 41	24 S
Woodsdale 95	69 N
Woodsfield 861	68 N
Woodside	33 N
Woodstock 354	53 N
Woodview	38 C
Woodville 406	10 N
Woodville
[Newtonsville] 63	78 S
Woodworth	24 C
Wooster 5,901	32 C
Worthington 450	54 N
Wyandot 130	39 N
Wyant	44 C
Wyoming 849	77 C
Xenia 7,620	61 C
Yellow Bud	73 S
Yellow Creek	43 S
Yellow Springs 1,377	61 N
Yolverton 70	47 N
York	48 C
York
[Mallet Creek] 164	21 C
Yorkville 70	43 N
Young Hickory	50 N
Youngstown 15,431	24 N
Youngstown Hill
[Massillon] 248	33 N
Youngsville 70	85 N
Zaleski 1,177	82 N
Zanesfield 307	45 N
Zanesville 19,113	56 C
Zeno	56 C
Zimmerman 98	61 C
Zoar 291	41 N
Zoar Sta	41 N
Zoar 23
14
